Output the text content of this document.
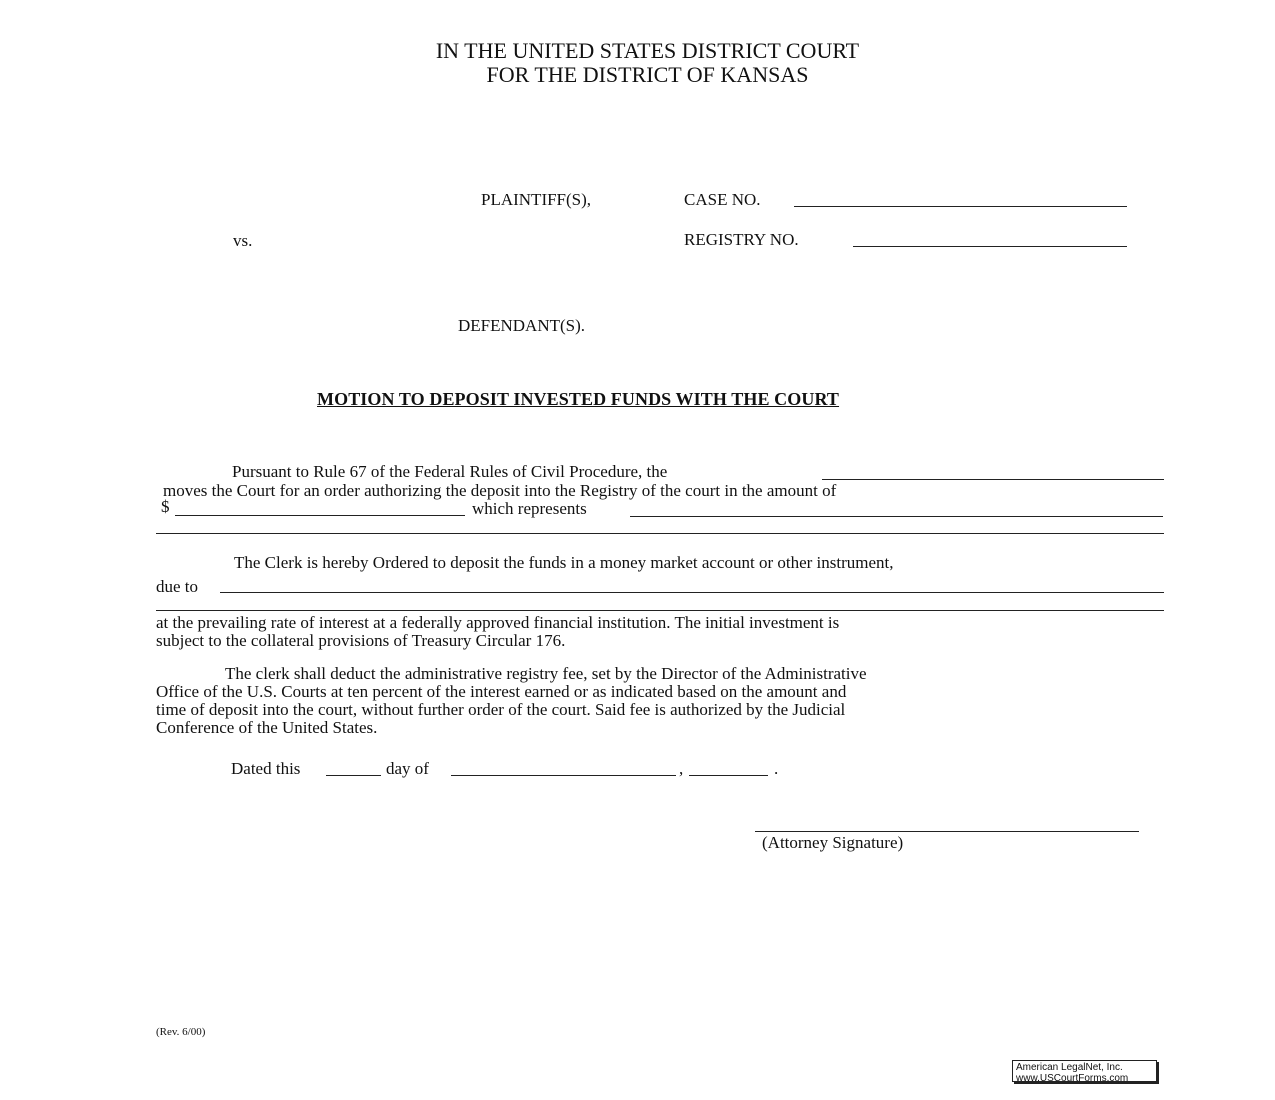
IN THE UNITED STATES DISTRICT COURT
FOR THE DISTRICT OF KANSAS
PLAINTIFF(S),	CASE NO.
vs.	REGISTRY NO.
DEFENDANT(S).
MOTION TO DEPOSIT INVESTED FUNDS WITH THE COURT
Pursuant to Rule 67 of the Federal Rules of Civil Procedure, the
moves the Court for an order authorizing the deposit into the Registry of the court in the amount of
$	which represents
The Clerk is hereby Ordered to deposit the funds in a money market account or other instrument,
due to
at the prevailing rate of interest at a federally approved financial institution. The initial investment is
subject to the collateral provisions of Treasury Circular 176.
The clerk shall deduct the administrative registry fee, set by the Director of the Administrative
Office of the U.S. Courts at ten percent of the interest earned or as indicated based on the amount and
time of deposit into the court, without further order of the court. Said fee is authorized by the Judicial
Conference of the United States.
Dated this	day of	,	.
(Attorney Signature)
(Rev. 6/00)
American LegalNet, Inc.
www.USCourtForms.com
